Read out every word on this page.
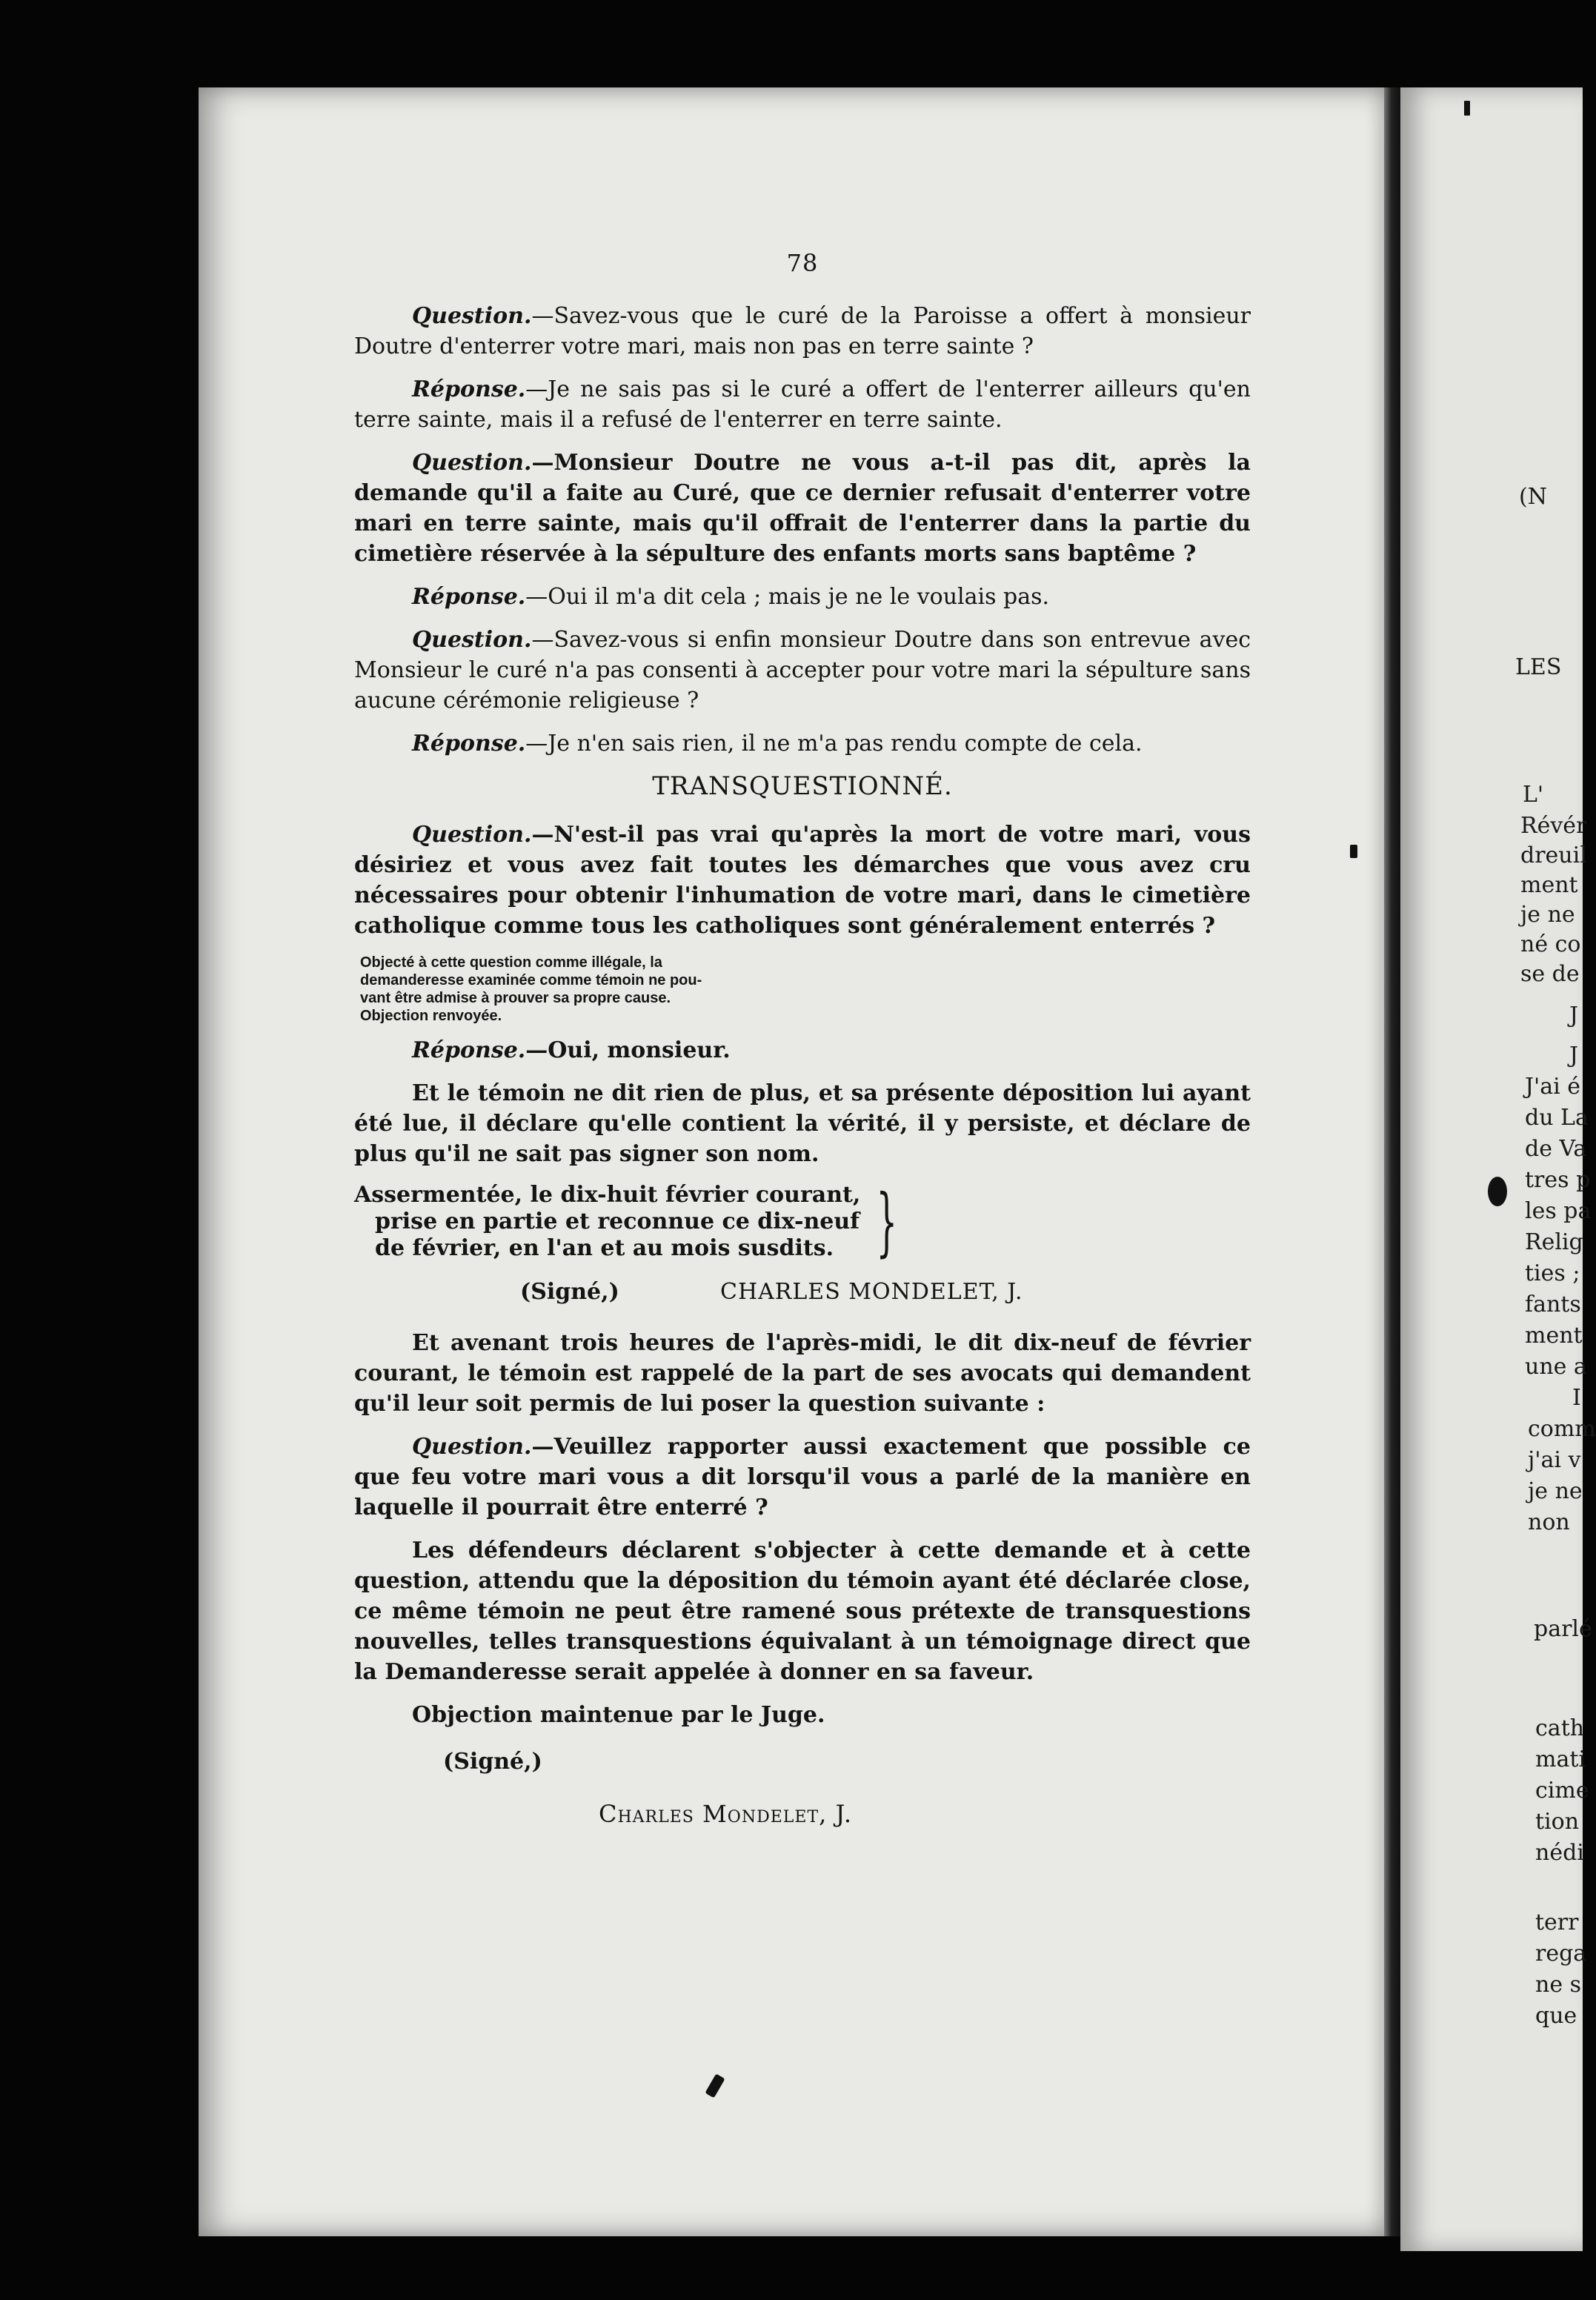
78

Question.—Savez-vous que le curé de la Paroisse a offert à monsieur Doutre d'enterrer votre mari, mais non pas en terre sainte ?

Réponse.—Je ne sais pas si le curé a offert de l'enterrer ailleurs qu'en terre sainte, mais il a refusé de l'enterrer en terre sainte.

Question.—Monsieur Doutre ne vous a-t-il pas dit, après la demande qu'il a faite au Curé, que ce dernier refusait d'enterrer votre mari en terre sainte, mais qu'il offrait de l'enterrer dans la partie du cimetière réservée à la sépulture des enfants morts sans baptême ?

Réponse.—Oui il m'a dit cela ; mais je ne le voulais pas.

Question.—Savez-vous si enfin monsieur Doutre dans son entrevue avec Monsieur le curé n'a pas consenti à accepter pour votre mari la sépulture sans aucune cérémonie religieuse ?

Réponse.—Je n'en sais rien, il ne m'a pas rendu compte de cela.

TRANSQUESTIONNÉ.

Question.—N'est-il pas vrai qu'après la mort de votre mari, vous désiriez et vous avez fait toutes les démarches que vous avez cru nécessaires pour obtenir l'inhumation de votre mari, dans le cimetière catholique comme tous les catholiques sont généralement enterrés ?

Objecté à cette question comme illégale, la
demanderesse examinée comme témoin ne pou-
vant être admise à prouver sa propre cause.
Objection renvoyée.

Réponse.—Oui, monsieur.

Et le témoin ne dit rien de plus, et sa présente déposition lui ayant été lue, il déclare qu'elle contient la vérité, il y persiste, et déclare de plus qu'il ne sait pas signer son nom.

Assermentée, le dix-huit février courant,
prise en partie et reconnue ce dix-neuf
de février, en l'an et au mois susdits. }
(Signé,)	CHARLES MONDELET, J.

Et avenant trois heures de l'après-midi, le dit dix-neuf de février courant, le témoin est rappelé de la part de ses avocats qui demandent qu'il leur soit permis de lui poser la question suivante :

Question.—Veuillez rapporter aussi exactement que possible ce que feu votre mari vous a dit lorsqu'il vous a parlé de la manière en laquelle il pourrait être enterré ?

Les défendeurs déclarent s'objecter à cette demande et à cette question, attendu que la déposition du témoin ayant été déclarée close, ce même témoin ne peut être ramené sous prétexte de transquestions nouvelles, telles transquestions équivalant à un témoignage direct que la Demanderesse serait appelée à donner en sa faveur.

Objection maintenue par le Juge.

(Signé,)
Charles Mondelet, J.
(N
LES
L'
Révér
dreuil
ment
je ne
né co
se de
J
J
J'ai é
du La
de Va
tres p
les pa
Relig
ties ;
fants
ment
une a
I
comm
j'ai v
je ne
non
parlé
cath
mati
cime
tion
nédi
terr
rega
ne s
que
